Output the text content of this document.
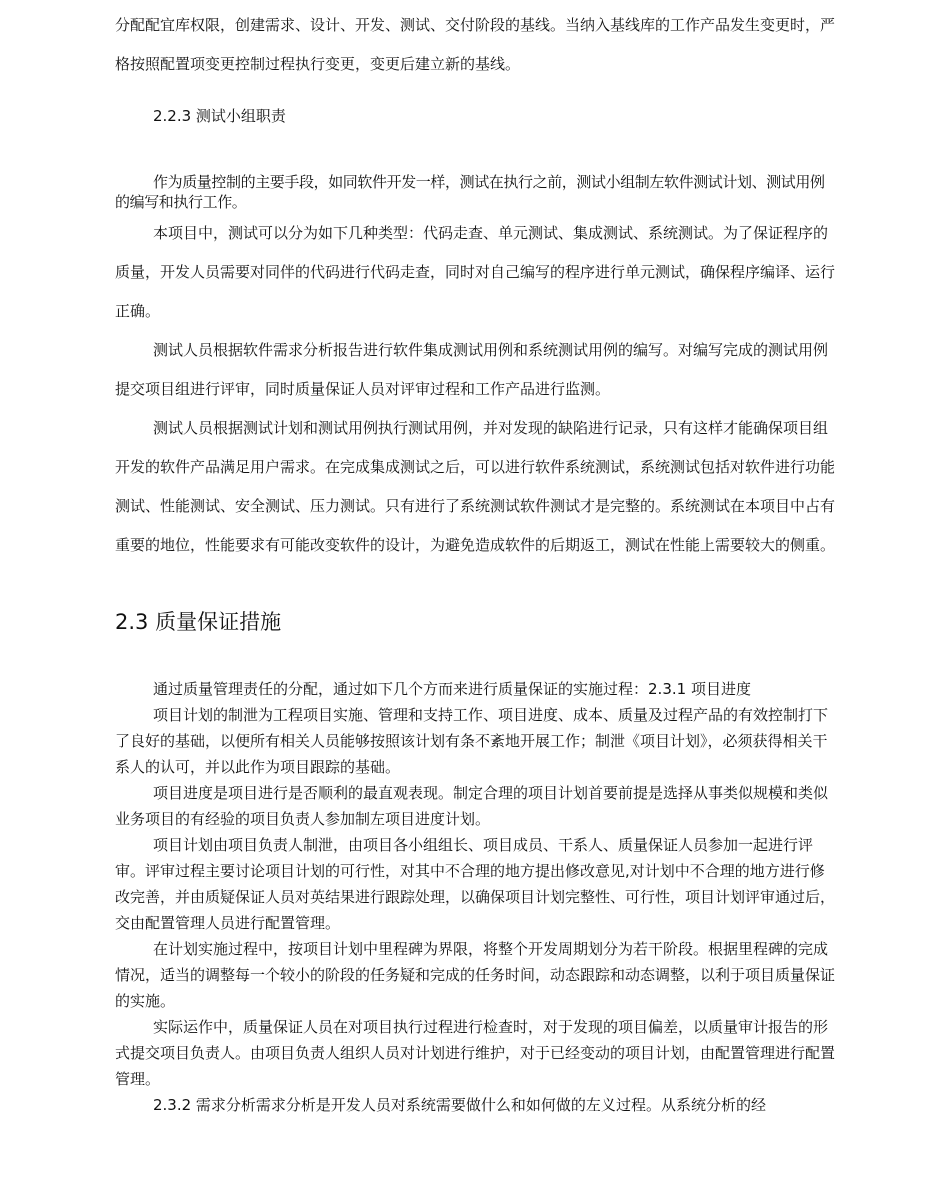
分配配宜库权限，创建需求、设计、开发、测试、交付阶段的基线。当纳入基线库的工作产品发生变更时，严格按照配置项变更控制过程执行变更，变更后建立新的基线。

2.2.3 测试小组职责

作为质量控制的主要手段，如同软件开发一样，测试在执行之前，测试小组制左软件测试计划、测试用例的编写和执行工作。

本项目中，测试可以分为如下几种类型：代码走查、单元测试、集成测试、系统测试。为了保证程序的质量，开发人员需要对同伴的代码进行代码走查，同时对自己编写的程序进行单元测试，确保程序编译、运行正确。

测试人员根据软件需求分析报告进行软件集成测试用例和系统测试用例的编写。对编写完成的测试用例提交项目组进行评审，同时质量保证人员对评审过程和工作产品进行监测。

测试人员根据测试计划和测试用例执行测试用例，并对发现的缺陷进行记录，只有这样才能确保项目组开发的软件产品满足用户需求。在完成集成测试之后，可以进行软件系统测试，系统测试包括对软件进行功能测试、性能测试、安全测试、压力测试。只有进行了系统测试软件测试才是完整的。系统测试在本项目中占有重要的地位，性能要求有可能改变软件的设计，为避免造成软件的后期返工，测试在性能上需要较大的侧重。

2.3 质量保证措施

通过质量管理责任的分配，通过如下几个方而来进行质量保证的实施过程：2.3.1 项目进度

项目计划的制泄为工程项目实施、管理和支持工作、项目进度、成本、质量及过程产品的有效控制打下了良好的基础，以便所有相关人员能够按照该计划有条不紊地开展工作；制泄《项目计划》，必须获得相关干系人的认可，并以此作为项目跟踪的基础。

项目进度是项目进行是否顺利的最直观表现。制定合理的项目计划首要前提是选择从事类似规模和类似业务项目的有经验的项目负责人参加制左项目进度计划。

项目计划由项目负责人制泄，由项目各小组组长、项目成员、干系人、质量保证人员参加一起进行评审。评审过程主要讨论项目计划的可行性，对其中不合理的地方提出修改意见,对计划中不合理的地方进行修改完善，并由质疑保证人员对英结果进行跟踪处理，以确保项目计划完整性、可行性，项目计划评审通过后，交由配置管理人员进行配置管理。

在计划实施过程中，按项目计划中里程碑为界限，将整个开发周期划分为若干阶段。根据里程碑的完成情况，适当的调整每一个较小的阶段的任务疑和完成的任务时间，动态跟踪和动态调整，以利于项目质量保证的实施。

实际运作中，质量保证人员在对项目执行过程进行检查时，对于发现的项目偏差，以质量审计报告的形式提交项目负责人。由项目负责人组织人员对计划进行维护，对于已经变动的项目计划，由配置管理进行配置管理。

2.3.2 需求分析需求分析是开发人员对系统需要做什么和如何做的左义过程。从系统分析的经
